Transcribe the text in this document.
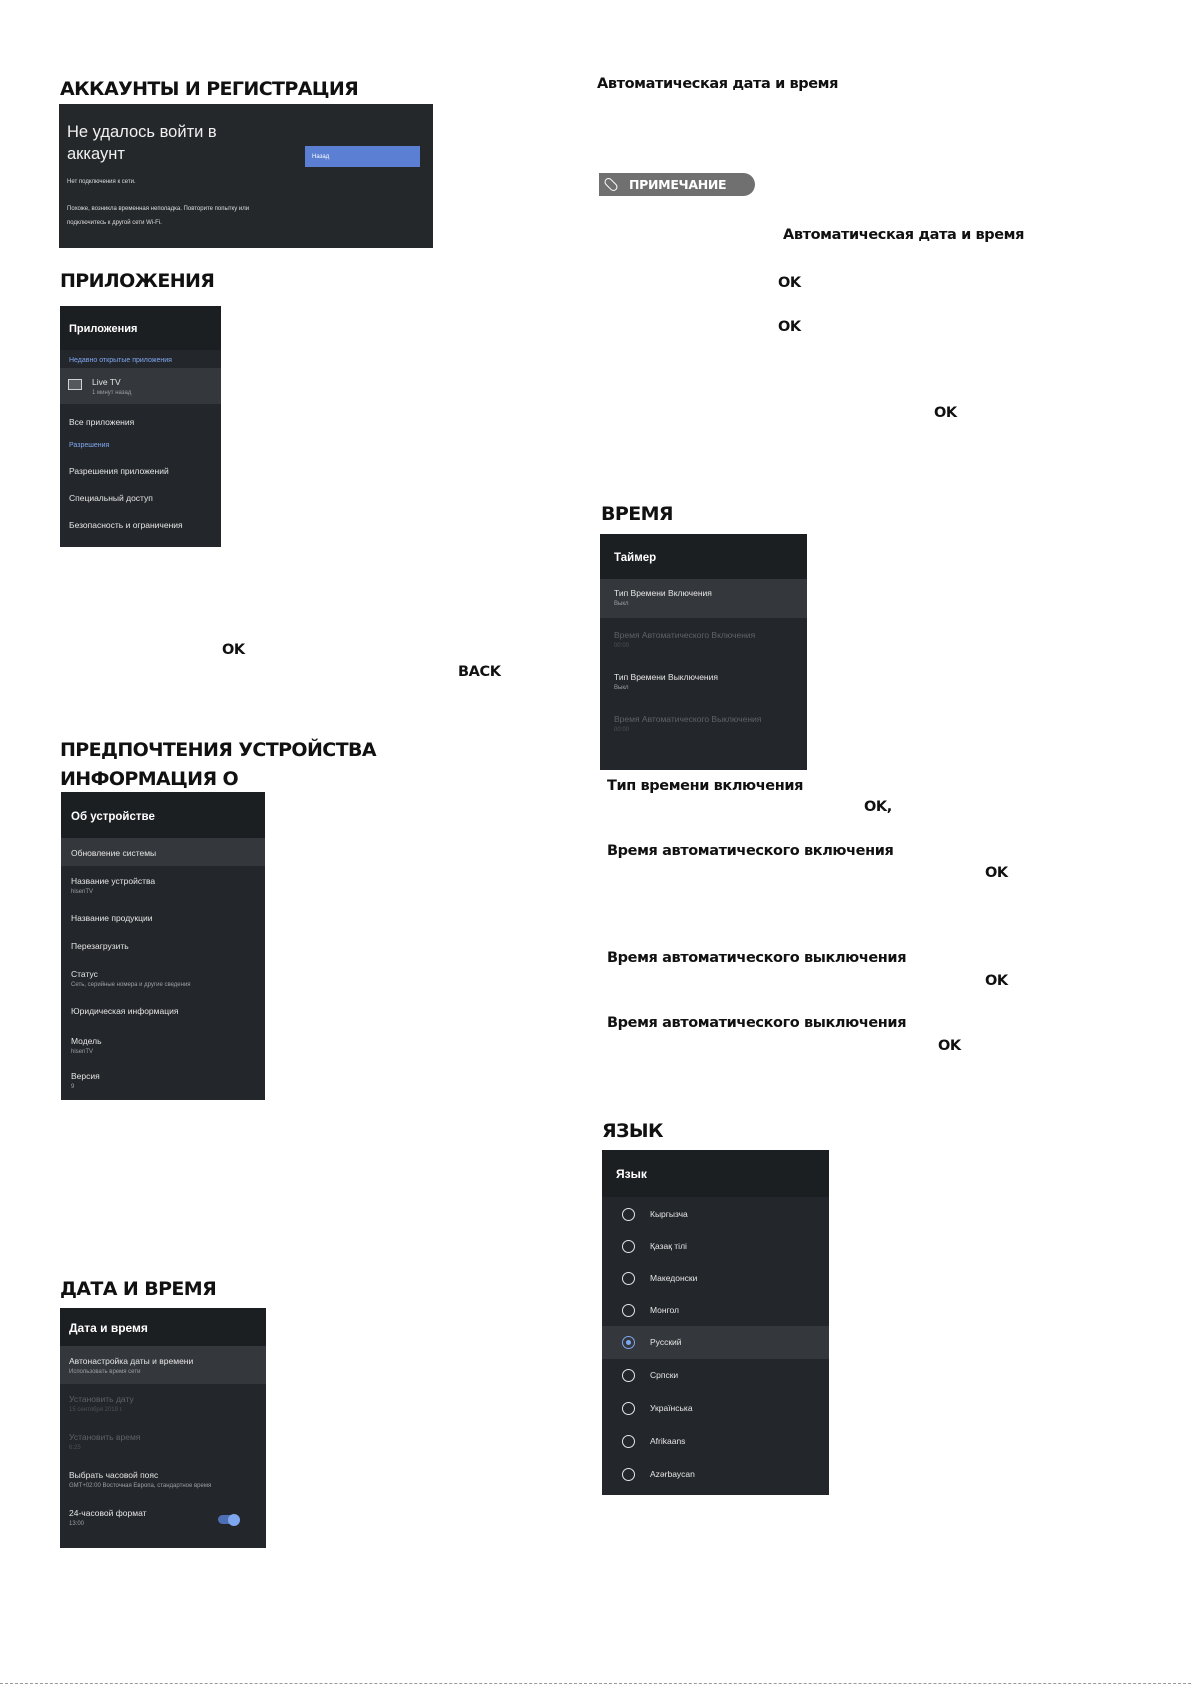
АККАУНТЫ И РЕГИСТРАЦИЯ
Не удалось войти в аккаунт
Нет подключения к сети.
Похоже, возникла временная неполадка. Повторите попытку или
подключитесь к другой сети Wi-Fi.
Назад
ПРИЛОЖЕНИЯ
Приложения
Недавно открытые приложения
Live TV
1 минут назад
Все приложения
Разрешения
Разрешения приложений
Специальный доступ
Безопасность и ограничения
OK
BACK
ПРЕДПОЧТЕНИЯ УСТРОЙСТВА
ИНФОРМАЦИЯ О
Об устройстве
Обновление системы
Название устройства
hisenTV
Название продукции
Перезагрузить
Статус
Сеть, серийные номера и другие сведения
Юридическая информация
Модель
hisenTV
Версия
9
ДАТА И ВРЕМЯ
Дата и время
Автонастройка даты и времени
Использовать время сети
Установить дату
15 сентября 2019 г.
Установить время
6:25
Выбрать часовой пояс
GMT+02:00 Восточная Европа, стандартное время
24-часовой формат
13:00
Автоматическая дата и время
ПРИМЕЧАНИЕ
Автоматическая дата и время
OK
OK
OK
ВРЕМЯ
Таймер
Тип Времени Включения
Выкл
Время Автоматического Включения
00:00
Тип Времени Выключения
Выкл
Время Автоматического Выключения
00:00
Тип времени включения
OK,
Время автоматического включения
OK
Время автоматического выключения
OK
Время автоматического выключения
OK
ЯЗЫК
Язык
Кыргызча
Қазақ тілі
Македонски
Монгол
Русский
Српски
Українська
Afrikaans
Azərbaycan
